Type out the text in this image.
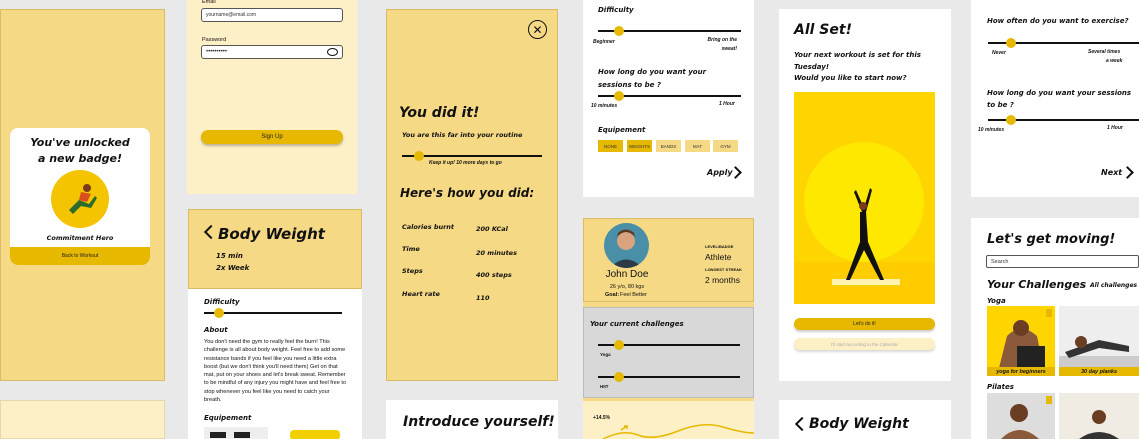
You've unlocked
a new badge!
Commitment Hero
Back to Workout
Email
yourname@email.com
Password
••••••••••
Sign Up
Body Weight
15 min
2x Week
Difficulty
About
You don't need the gym to really feel the burn! This challenge is all about body weight. Feel free to add some resistance bands if you feel like you need a little extra boost (but we don't think you'll need them) Get on that mat, put on your shoes and let's break sweat. Remember to be mindful of any injury you might have and feel free to stop whenever you feel like you need to catch your breath.
Equipement
✕
You did it!
You are this far into your routine
Keep it up! 10 more days to go
Here's how you did:
Calories burnt	200 KCal
Time	20 minutes
Steps	400 steps
Heart rate	110
Introduce yourself!
Difficulty
Beginner	Bring on the sweat!
How long do you want your sessions to be ?
10 minutes	1 Hour
Equipement
NONE	WEIGHTS	BANDS	MAT	GYM
Apply
John Doe
26 y/o, 80 kgs
Goal: Feel Better
LEVEL/BADGE
Athlete
LONGEST STREAK
2 months
Your current challenges
Yoga
HIIT
+14.5%
All Set!
Your next workout is set for this
Tuesday!
Would you like to start now?
Let's do it!
I'll start according to the Calendar
Body Weight
How often do you want to exercise?
Never	Several times
a week
How long do you want your sessions
to be ?
10 minutes	1 Hour
Next
Let's get moving!
Search
Your Challenges All challenges
Yoga
yoga for beginners	30 day planks
Pilates
